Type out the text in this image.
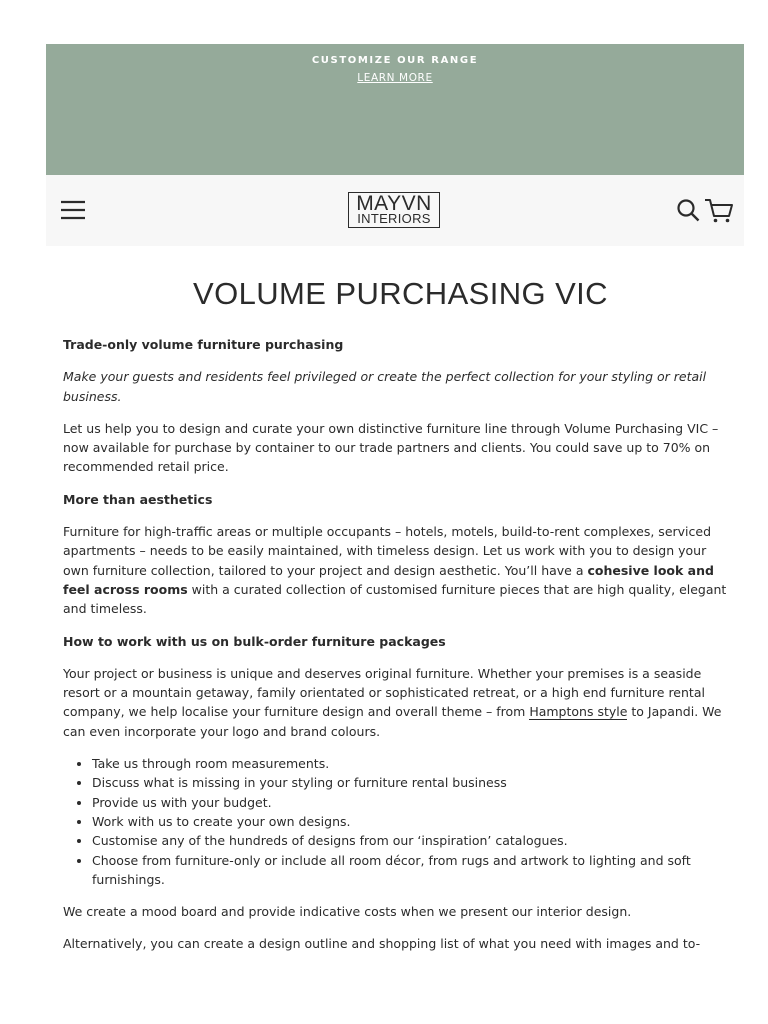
CUSTOMIZE OUR RANGE
LEARN MORE
MAYVN
INTERIORS
VOLUME PURCHASING VIC

Trade-only volume furniture purchasing

Make your guests and residents feel privileged or create the perfect collection for your styling or retail business.

Let us help you to design and curate your own distinctive furniture line through Volume Purchasing VIC – now available for purchase by container to our trade partners and clients. You could save up to 70% on recommended retail price.

More than aesthetics

Furniture for high-traffic areas or multiple occupants – hotels, motels, build-to-rent complexes, serviced apartments – needs to be easily maintained, with timeless design. Let us work with you to design your own furniture collection, tailored to your project and design aesthetic. You’ll have a cohesive look and feel across rooms with a curated collection of customised furniture pieces that are high quality, elegant and timeless.

How to work with us on bulk-order furniture packages

Your project or business is unique and deserves original furniture. Whether your premises is a seaside resort or a mountain getaway, family orientated or sophisticated retreat, or a high end furniture rental company, we help localise your furniture design and overall theme – from Hamptons style to Japandi. We can even incorporate your logo and brand colours.

• Take us through room measurements.
• Discuss what is missing in your styling or furniture rental business
• Provide us with your budget.
• Work with us to create your own designs.
• Customise any of the hundreds of designs from our ‘inspiration’ catalogues.
• Choose from furniture-only or include all room décor, from rugs and artwork to lighting and soft furnishings.

We create a mood board and provide indicative costs when we present our interior design.

Alternatively, you can create a design outline and shopping list of what you need with images and to-
